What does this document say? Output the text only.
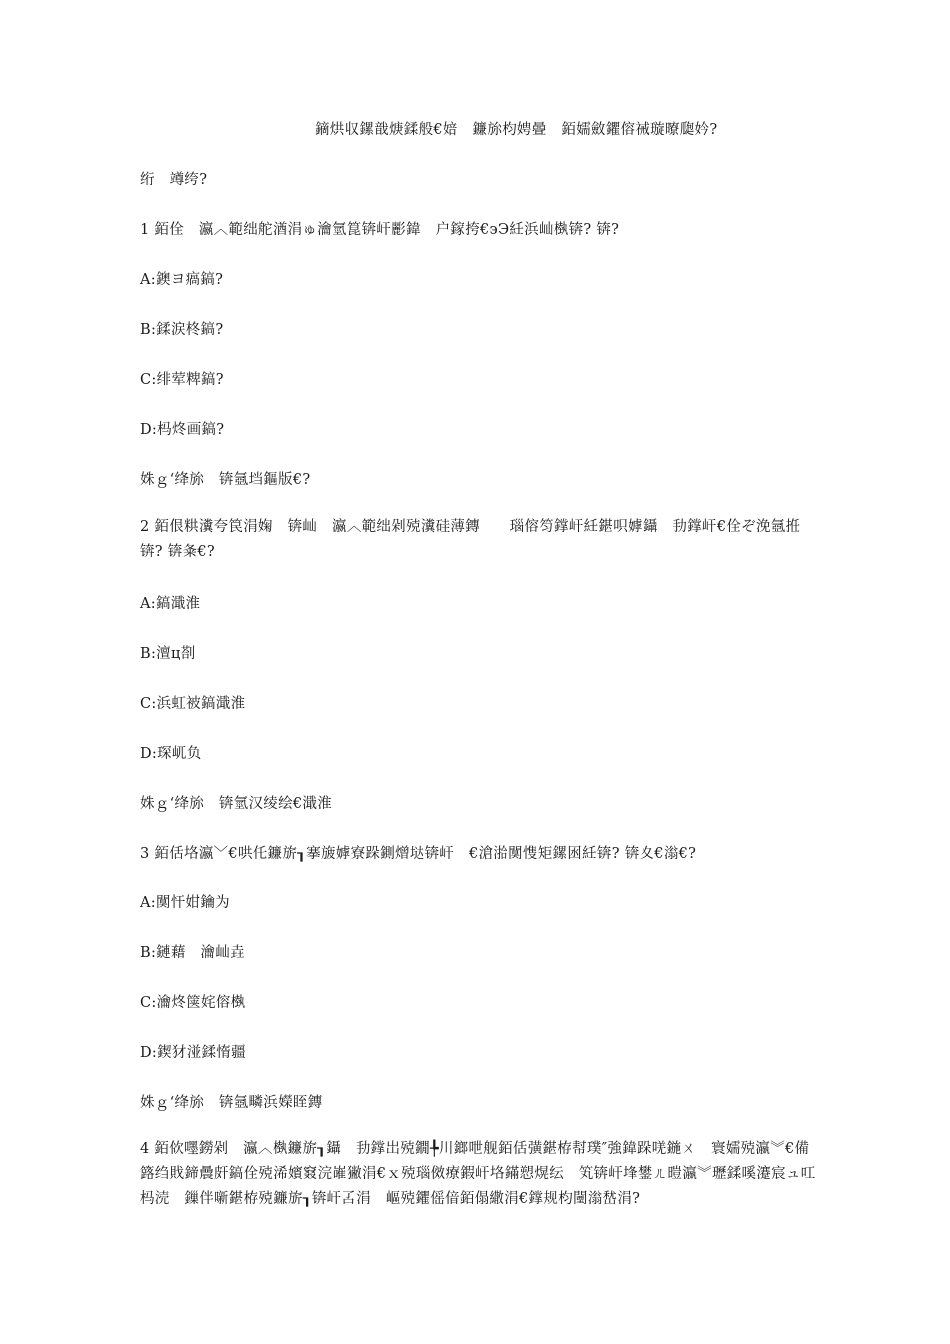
鏑烘収鏍戠焿鍒般€婄　鐮旀枃娉曡　銆嬬斂鑺傛祴璇曢瓟妗?
绗　竴绔?
1 銆佺　瀛︿範绌舵湭涓ゅ瀹氫箟锛屽彲鍏　户鎵挎€эЭ紝浜屾槸锛? 锛?
A:鐭ヨ瘑鎬?
B:鍒涙柊鎬?
C:绯荤粺鎬?
D:杩炵画鎬?
姝ｇ‘绛旀　锛氬垱鏂版€?
2 銆佷粠瀵夸笢涓婅　锛屾　瀛︿範绌剁殑瀵硅薄鏄　　瑙傛笉鐣屽紝鍖呮嫭鑷　劧鐣屽€佺ぞ浼氬拰锛? 锛夈€?
A:鎬濈淮
B:澶ц剳
C:浜虹被鎬濈淮
D:琛屼负
姝ｇ‘绛旀　锛氫汉绫绘€濈淮
3 銆佸垎瀛﹀€哄仛鐮旂┒搴旇嫭寮跺鍘熷垯锛屽　€滄湁闃愯矩鏍囦紝锛? 锛夊€滃€?
A:闃忓姏鑰为
B:鏈藉　瀹屾垚
C:瀹炵箧姹傛槸
D:鍥犲湴鍒惰疆
姝ｇ‘绛旀　锛氬疄浜嬫眰鏄
4 銆佽嚜鐒剁　瀛︿槸鐮旂┒鑷　劧鐣岀殑鐗╄川鎯呭舰銆佸彉鍖栫幇璞″強鍏跺唴鍦ㄨ　寰嬬殑瀛︾€備簬绉戝鍗曟皯鎬佺殑浠嬪窡浣嶉獙涓€ｘ殑瑙傚療鍜屽垎鏋愬熀纭　笂锛屽埄鐢ㄦ暟瀛︾瓑鍒嗘瀽宸ュ叿杩涜　鏁伴噺鍖栫殑鐮旂┒锛屽叾涓　嶇殑鑺傜偣銆傝繖涓€鐣规枃闉滃嵆涓?
